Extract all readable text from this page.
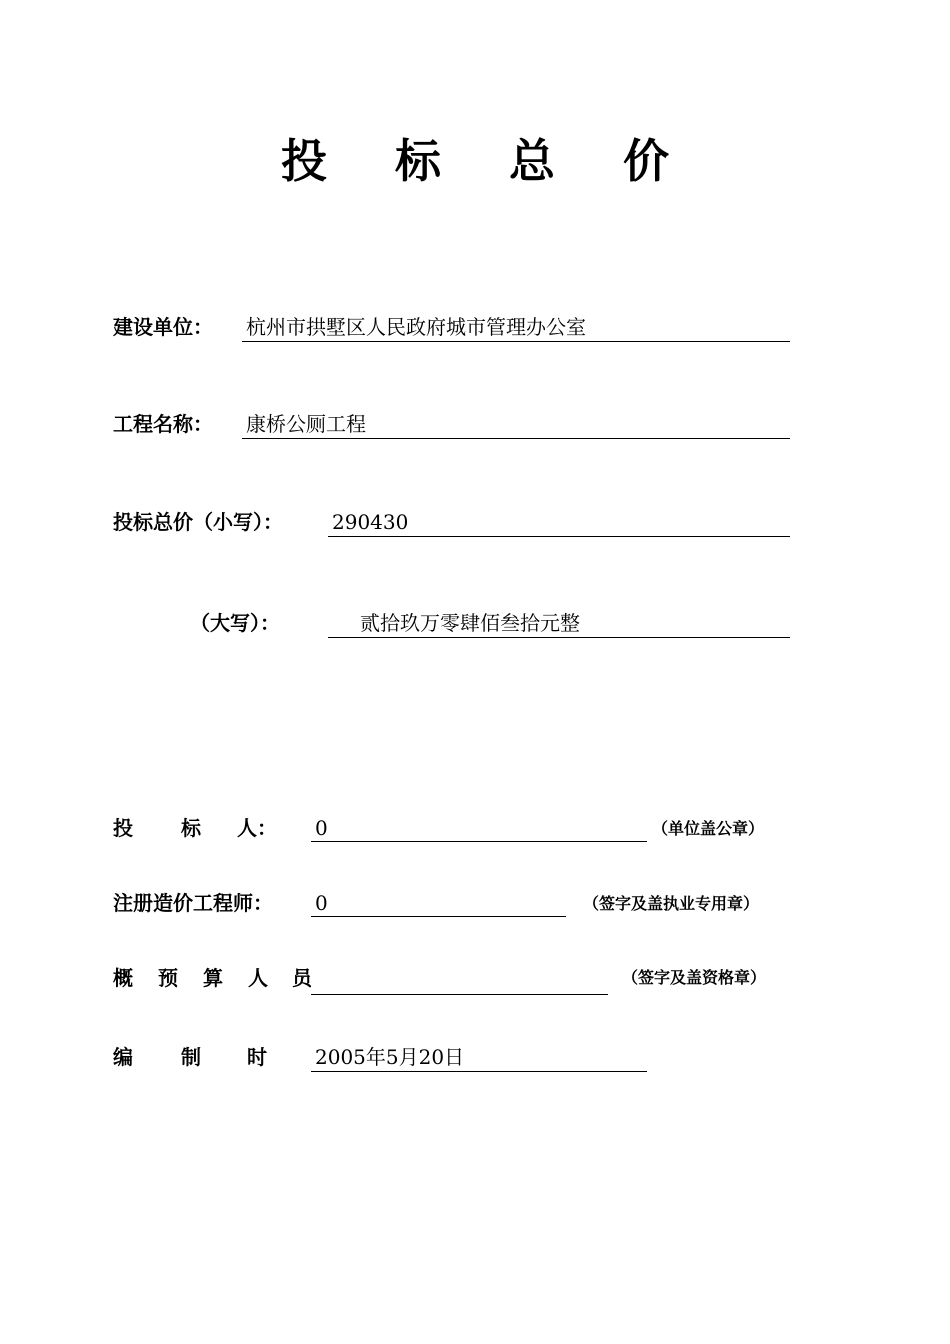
投 标 总 价
建设单位： 杭州市拱墅区人民政府城市管理办公室
工程名称： 康桥公厕工程
投标总价（小写）： 290430
（大写）：	贰拾玖万零肆佰叁拾元整
投 标 人： 0	（单位盖公章）
注册造价工程师： 0	（签字及盖执业专用章）
概 预 算 人 员	（签字及盖资格章）
编 制 时 2005年5月20日
